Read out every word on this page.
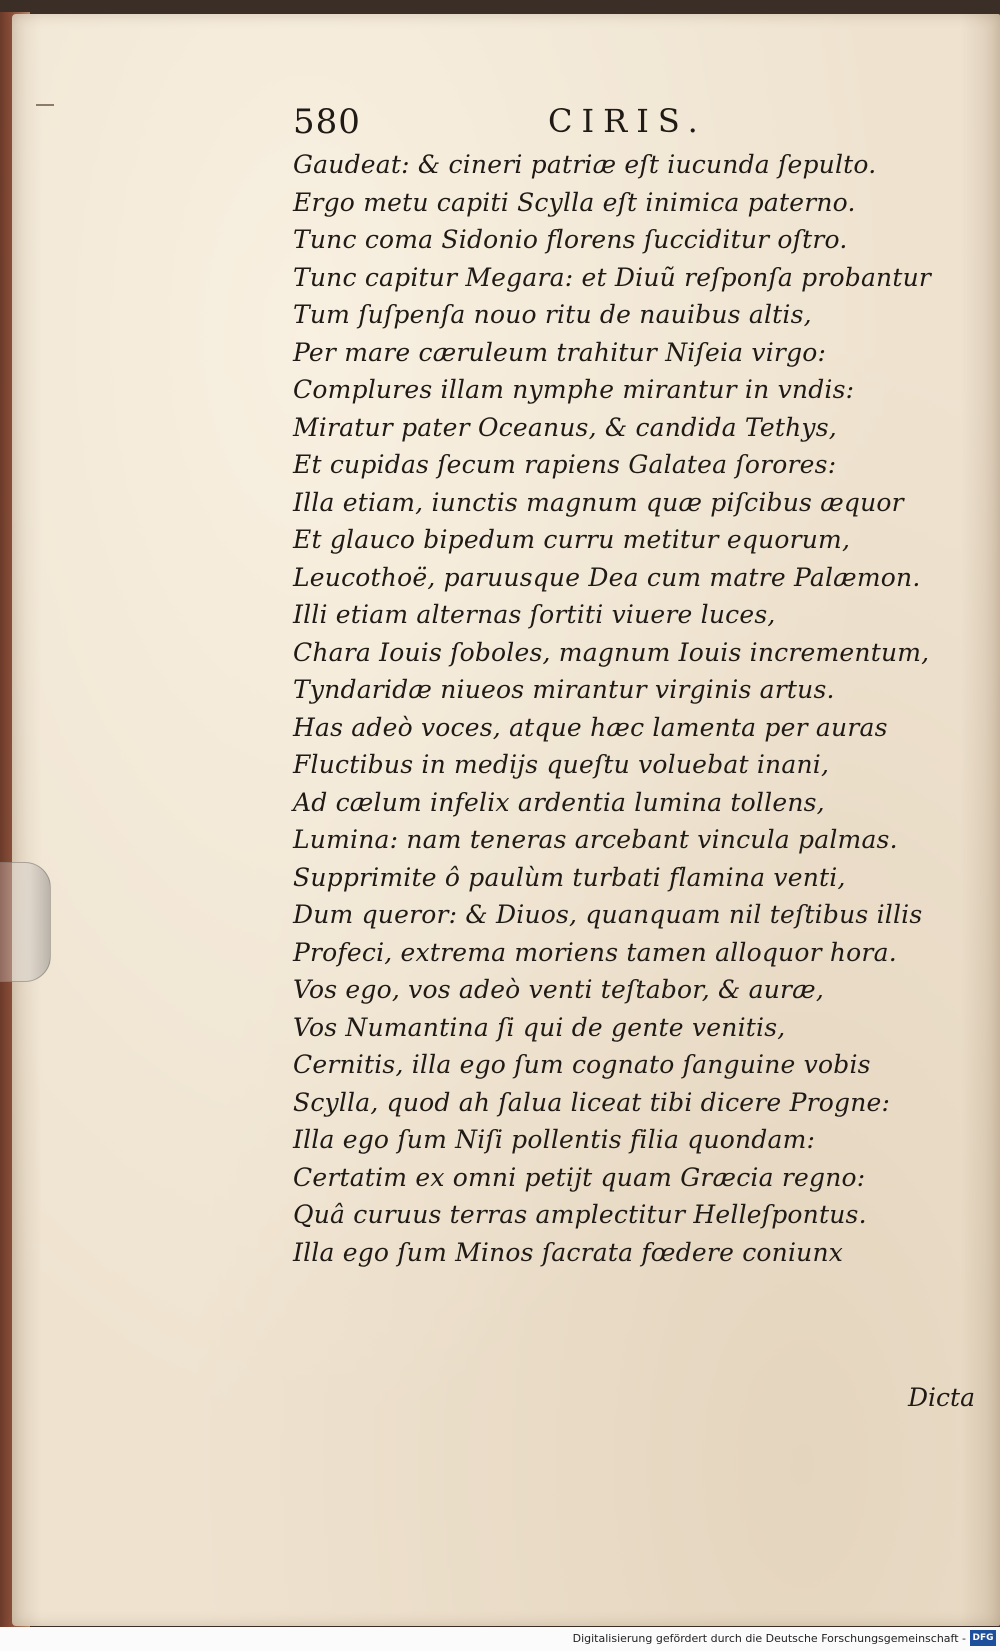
580	CIRIS.
Gaudeat: & cineri patriæ eſt iucunda ſepulto.
Ergo metu capiti Scylla eſt inimica paterno.
Tunc coma Sidonio florens ſucciditur oſtro.
Tunc capitur Megara: et Diuũ reſponſa probantur
Tum ſuſpenſa nouo ritu de nauibus altis,
Per mare cæruleum trahitur Niſeia virgo:
Complures illam nymphe mirantur in vndis:
Miratur pater Oceanus, & candida Tethys,
Et cupidas ſecum rapiens Galatea ſorores:
Illa etiam, iunctis magnum quæ piſcibus æquor
Et glauco bipedum curru metitur equorum,
Leucothoë, paruusque Dea cum matre Palæmon.
Illi etiam alternas ſortiti viuere luces,
Chara Iouis ſoboles, magnum Iouis incrementum,
Tyndaridæ niueos mirantur virginis artus.
Has adeò voces, atque hæc lamenta per auras
Fluctibus in medijs queſtu voluebat inani,
Ad cælum infelix ardentia lumina tollens,
Lumina: nam teneras arcebant vincula palmas.
Supprimite ô paulùm turbati flamina venti,
Dum queror: & Diuos, quanquam nil teſtibus illis
Profeci, extrema moriens tamen alloquor hora.
Vos ego, vos adeò venti teſtabor, & auræ,
Vos Numantina ſi qui de gente venitis,
Cernitis, illa ego ſum cognato ſanguine vobis
Scylla, quod ah ſalua liceat tibi dicere Progne:
Illa ego ſum Niſi pollentis filia quondam:
Certatim ex omni petijt quam Græcia regno:
Quâ curuus terras amplectitur Helleſpontus.
Illa ego ſum Minos ſacrata fœdere coniunx
Dicta
Digitalisierung gefördert durch die Deutsche Forschungsgemeinschaft - DFG
